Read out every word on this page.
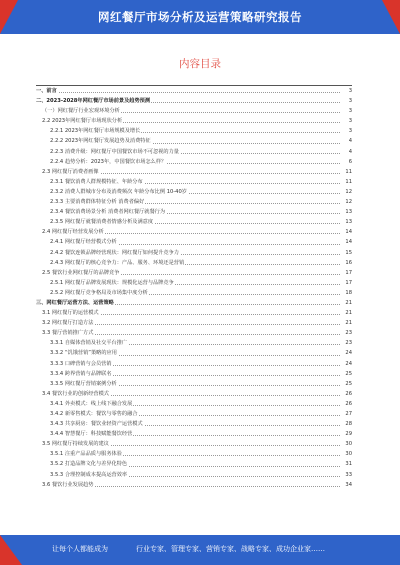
网红餐厅市场分析及运营策略研究报告
内容目录
一、前言	3
二、2023-2028年网红餐厅市场前景及趋势预测	3
（一）网红餐厅行业宏观环境分析	3
2.2 2023年网红餐厅市场现状分析	3
2.2.1 2023年网红餐厅市场规模及增长	3
2.2.2 2023年网红餐厅发展趋势及消费特征	4
2.2.3 消费升级：网红餐厅中国餐饮市场不可忽视的力量	4
2.2.4 趋势分析：2023年，中国餐饮市场怎么样？	6
2.3 网红餐厅消费者画像	11
2.3.1 餐饮消费人群规模特征、年龄分布	11
2.3.2 消费人群城市分布及消费频次 年龄分布比例 10-40岁	12
2.3.3 主要消费群体特征分析 消费者偏好	12
2.3.4 餐饮消费场景分析 消费者网红餐厅就餐行为	13
2.3.5 网红餐厅就餐消费者情感分析及满意度	13
2.4 网红餐厅经营发展分析	14
2.4.1 网红餐厅经营模式分析	14
2.4.2 餐饮连锁品牌经营现状：网红餐厅如何提升竞争力	15
2.4.3 网红餐厅的核心竞争力：产品、服务、环境还是营销	16
2.5 餐饮行业网红餐厅的品牌竞争	17
2.5.1 网红餐厅品牌发展现状：规模化运营与品牌竞争	17
2.5.2 网红餐厅竞争格局及市场集中度分析	18
三、网红餐厅运营方法、运营策略	21
3.1 网红餐厅的运营模式	21
3.2 网红餐厅打造方法	21
3.3 餐厅营销推广方式	23
3.3.1 自媒体营销及社交平台推广	23
3.3.2 “饥饿营销”策略的应用	24
3.3.3 口碑营销与会员营销	24
3.3.4 跨界营销与品牌联名	25
3.3.5 网红餐厅营销案例分析	25
3.4 餐饮行业的创新经营模式	26
3.4.1 外卖模式：线上线下融合发展	26
3.4.2 新零售模式：餐饮与零售的融合	27
3.4.3 共享厨房：餐饮业轻资产运营模式	28
3.4.4 智慧餐厅：科技赋能餐饮经营	29
3.5 网红餐厅持续发展的建议	30
3.5.1 注重产品品质与服务体验	30
3.5.2 打造品牌文化与差异化特色	31
3.5.3 合理控制成本提高运营效率	33
3.6 餐饮行业发展趋势	34
让每个人都能成为	行业专家、管理专家、营销专家、战略专家、成功企业家……
